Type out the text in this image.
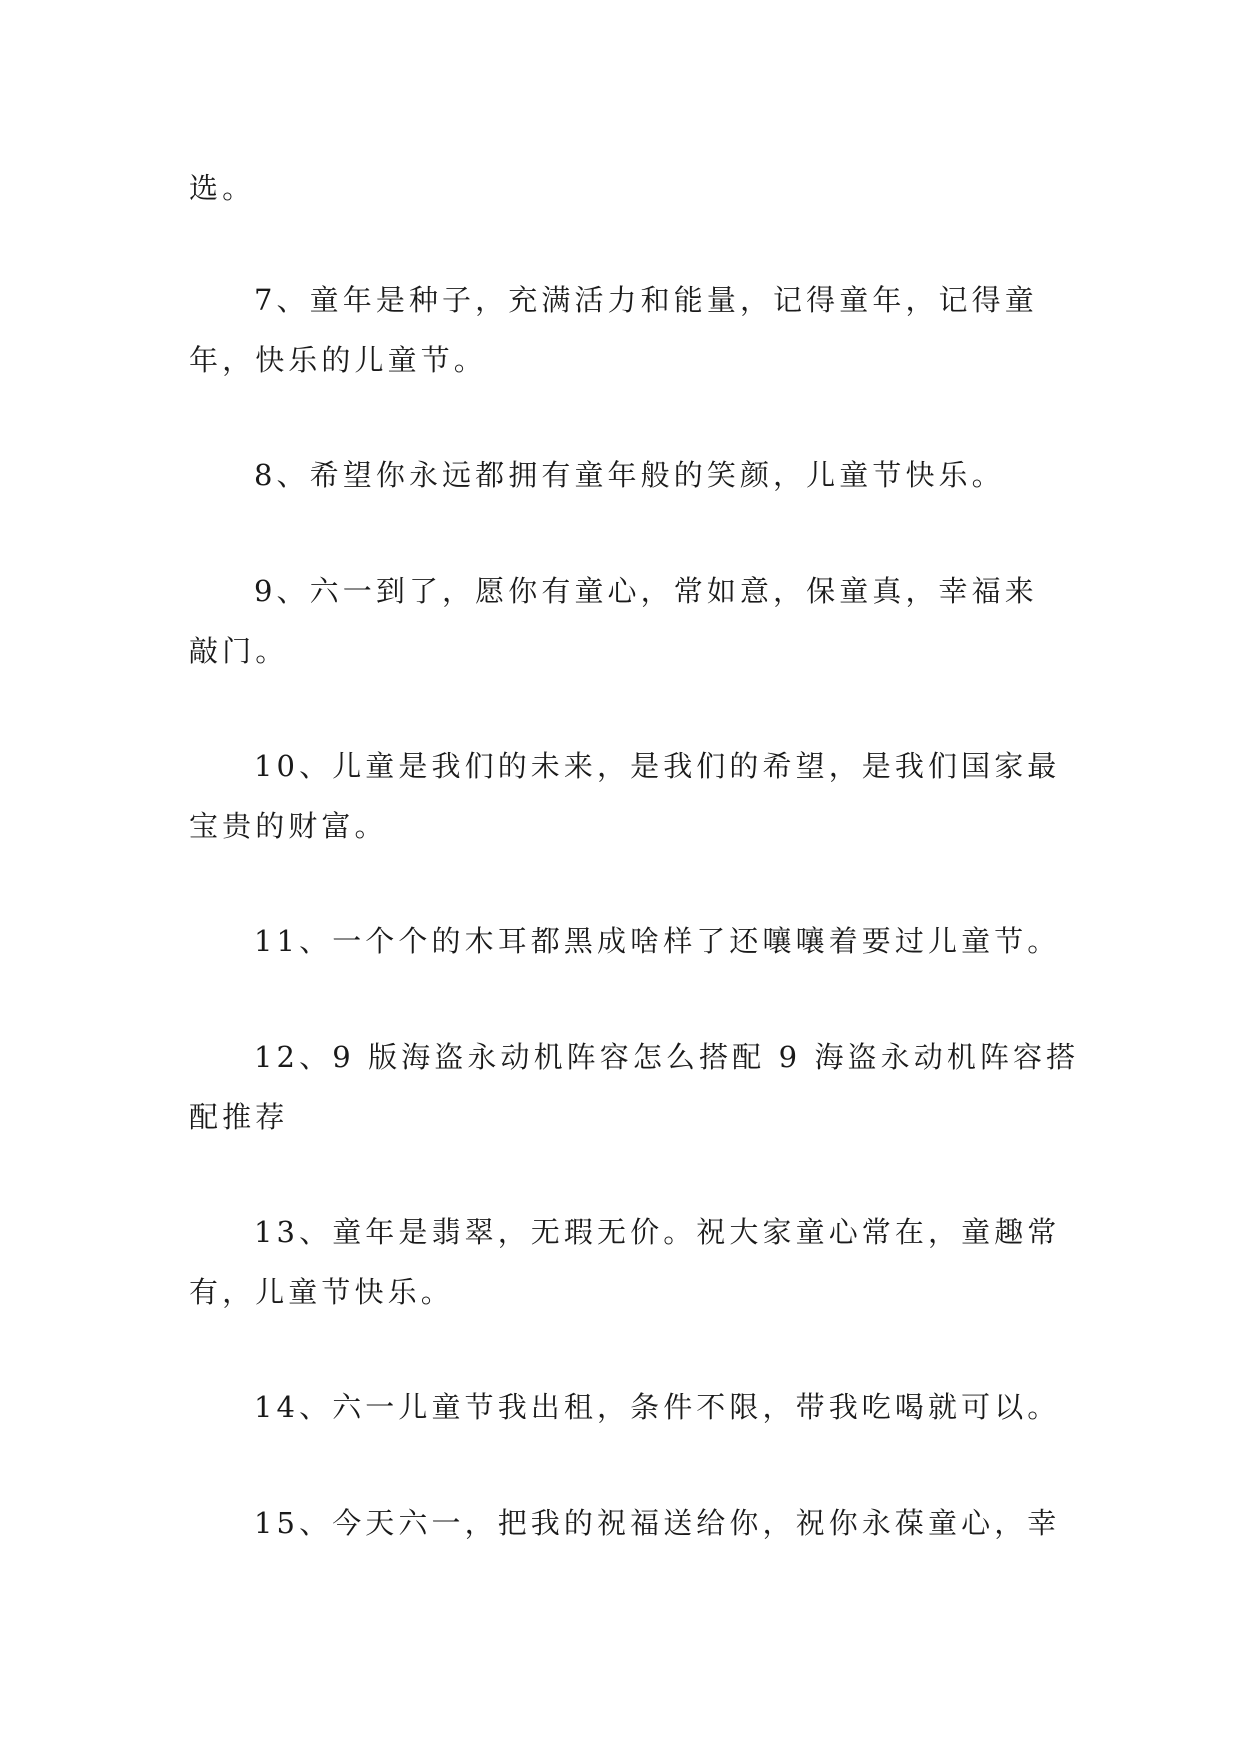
选。
7、童年是种子，充满活力和能量，记得童年，记得童
年，快乐的儿童节。
8、希望你永远都拥有童年般的笑颜，儿童节快乐。
9、六一到了，愿你有童心，常如意，保童真，幸福来
敲门。
10、儿童是我们的未来，是我们的希望，是我们国家最
宝贵的财富。
11、一个个的木耳都黑成啥样了还嚷嚷着要过儿童节。
12、9 版海盗永动机阵容怎么搭配 9 海盗永动机阵容搭
配推荐
13、童年是翡翠，无瑕无价。祝大家童心常在，童趣常
有，儿童节快乐。
14、六一儿童节我出租，条件不限，带我吃喝就可以。
15、今天六一，把我的祝福送给你，祝你永葆童心，幸
